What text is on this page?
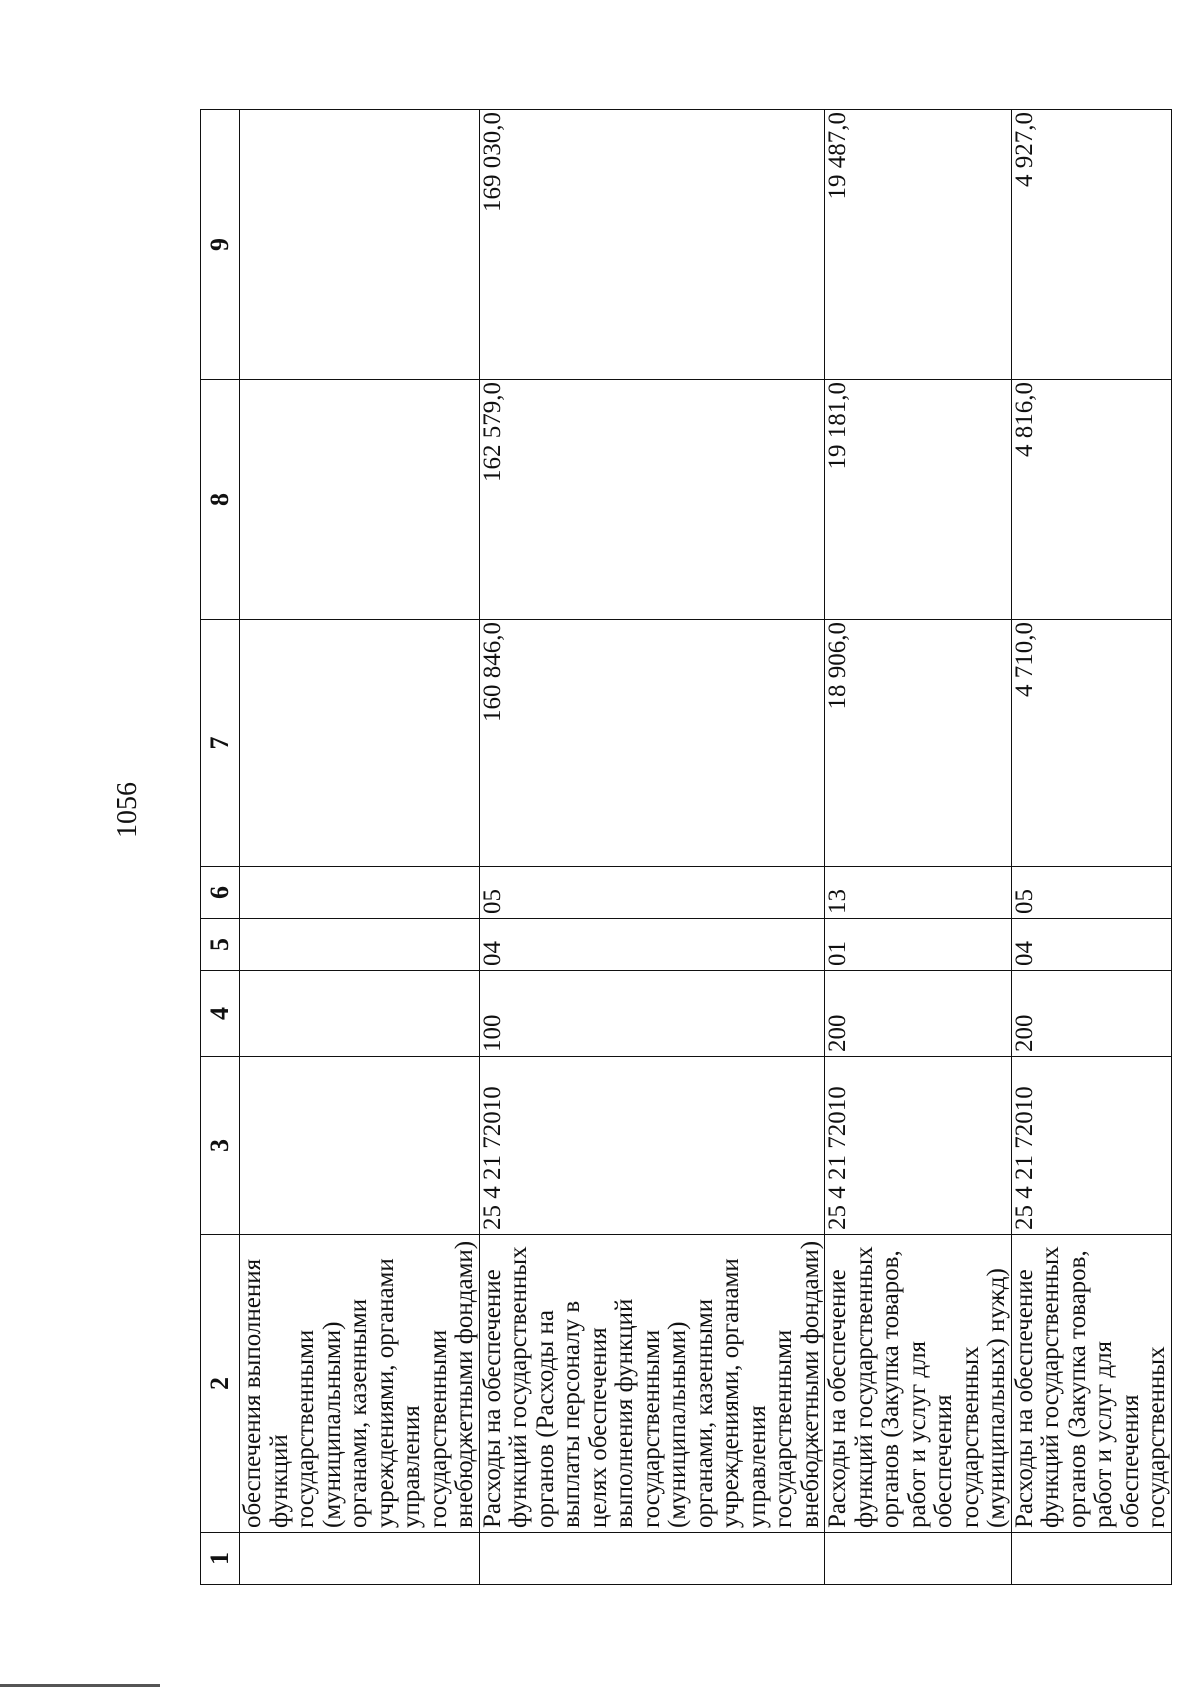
1056
1	2	3	4	5	6	7	8	9
	обеспечения выполнения функций государственными (муниципальными) органами, казенными учреждениями, органами управления государственными внебюджетными фондами)							
	Расходы на обеспечение функций государственных органов (Расходы на выплаты персоналу в целях обеспечения выполнения функций государственными (муниципальными) органами, казенными учреждениями, органами управления государственными внебюджетными фондами)	25 4 21 72010	100	04	05	160 846,0	162 579,0	169 030,0
	Расходы на обеспечение функций государственных органов (Закупка товаров, работ и услуг для обеспечения государственных (муниципальных) нужд)	25 4 21 72010	200	01	13	18 906,0	19 181,0	19 487,0
	Расходы на обеспечение функций государственных органов (Закупка товаров, работ и услуг для обеспечения государственных	25 4 21 72010	200	04	05	4 710,0	4 816,0	4 927,0
